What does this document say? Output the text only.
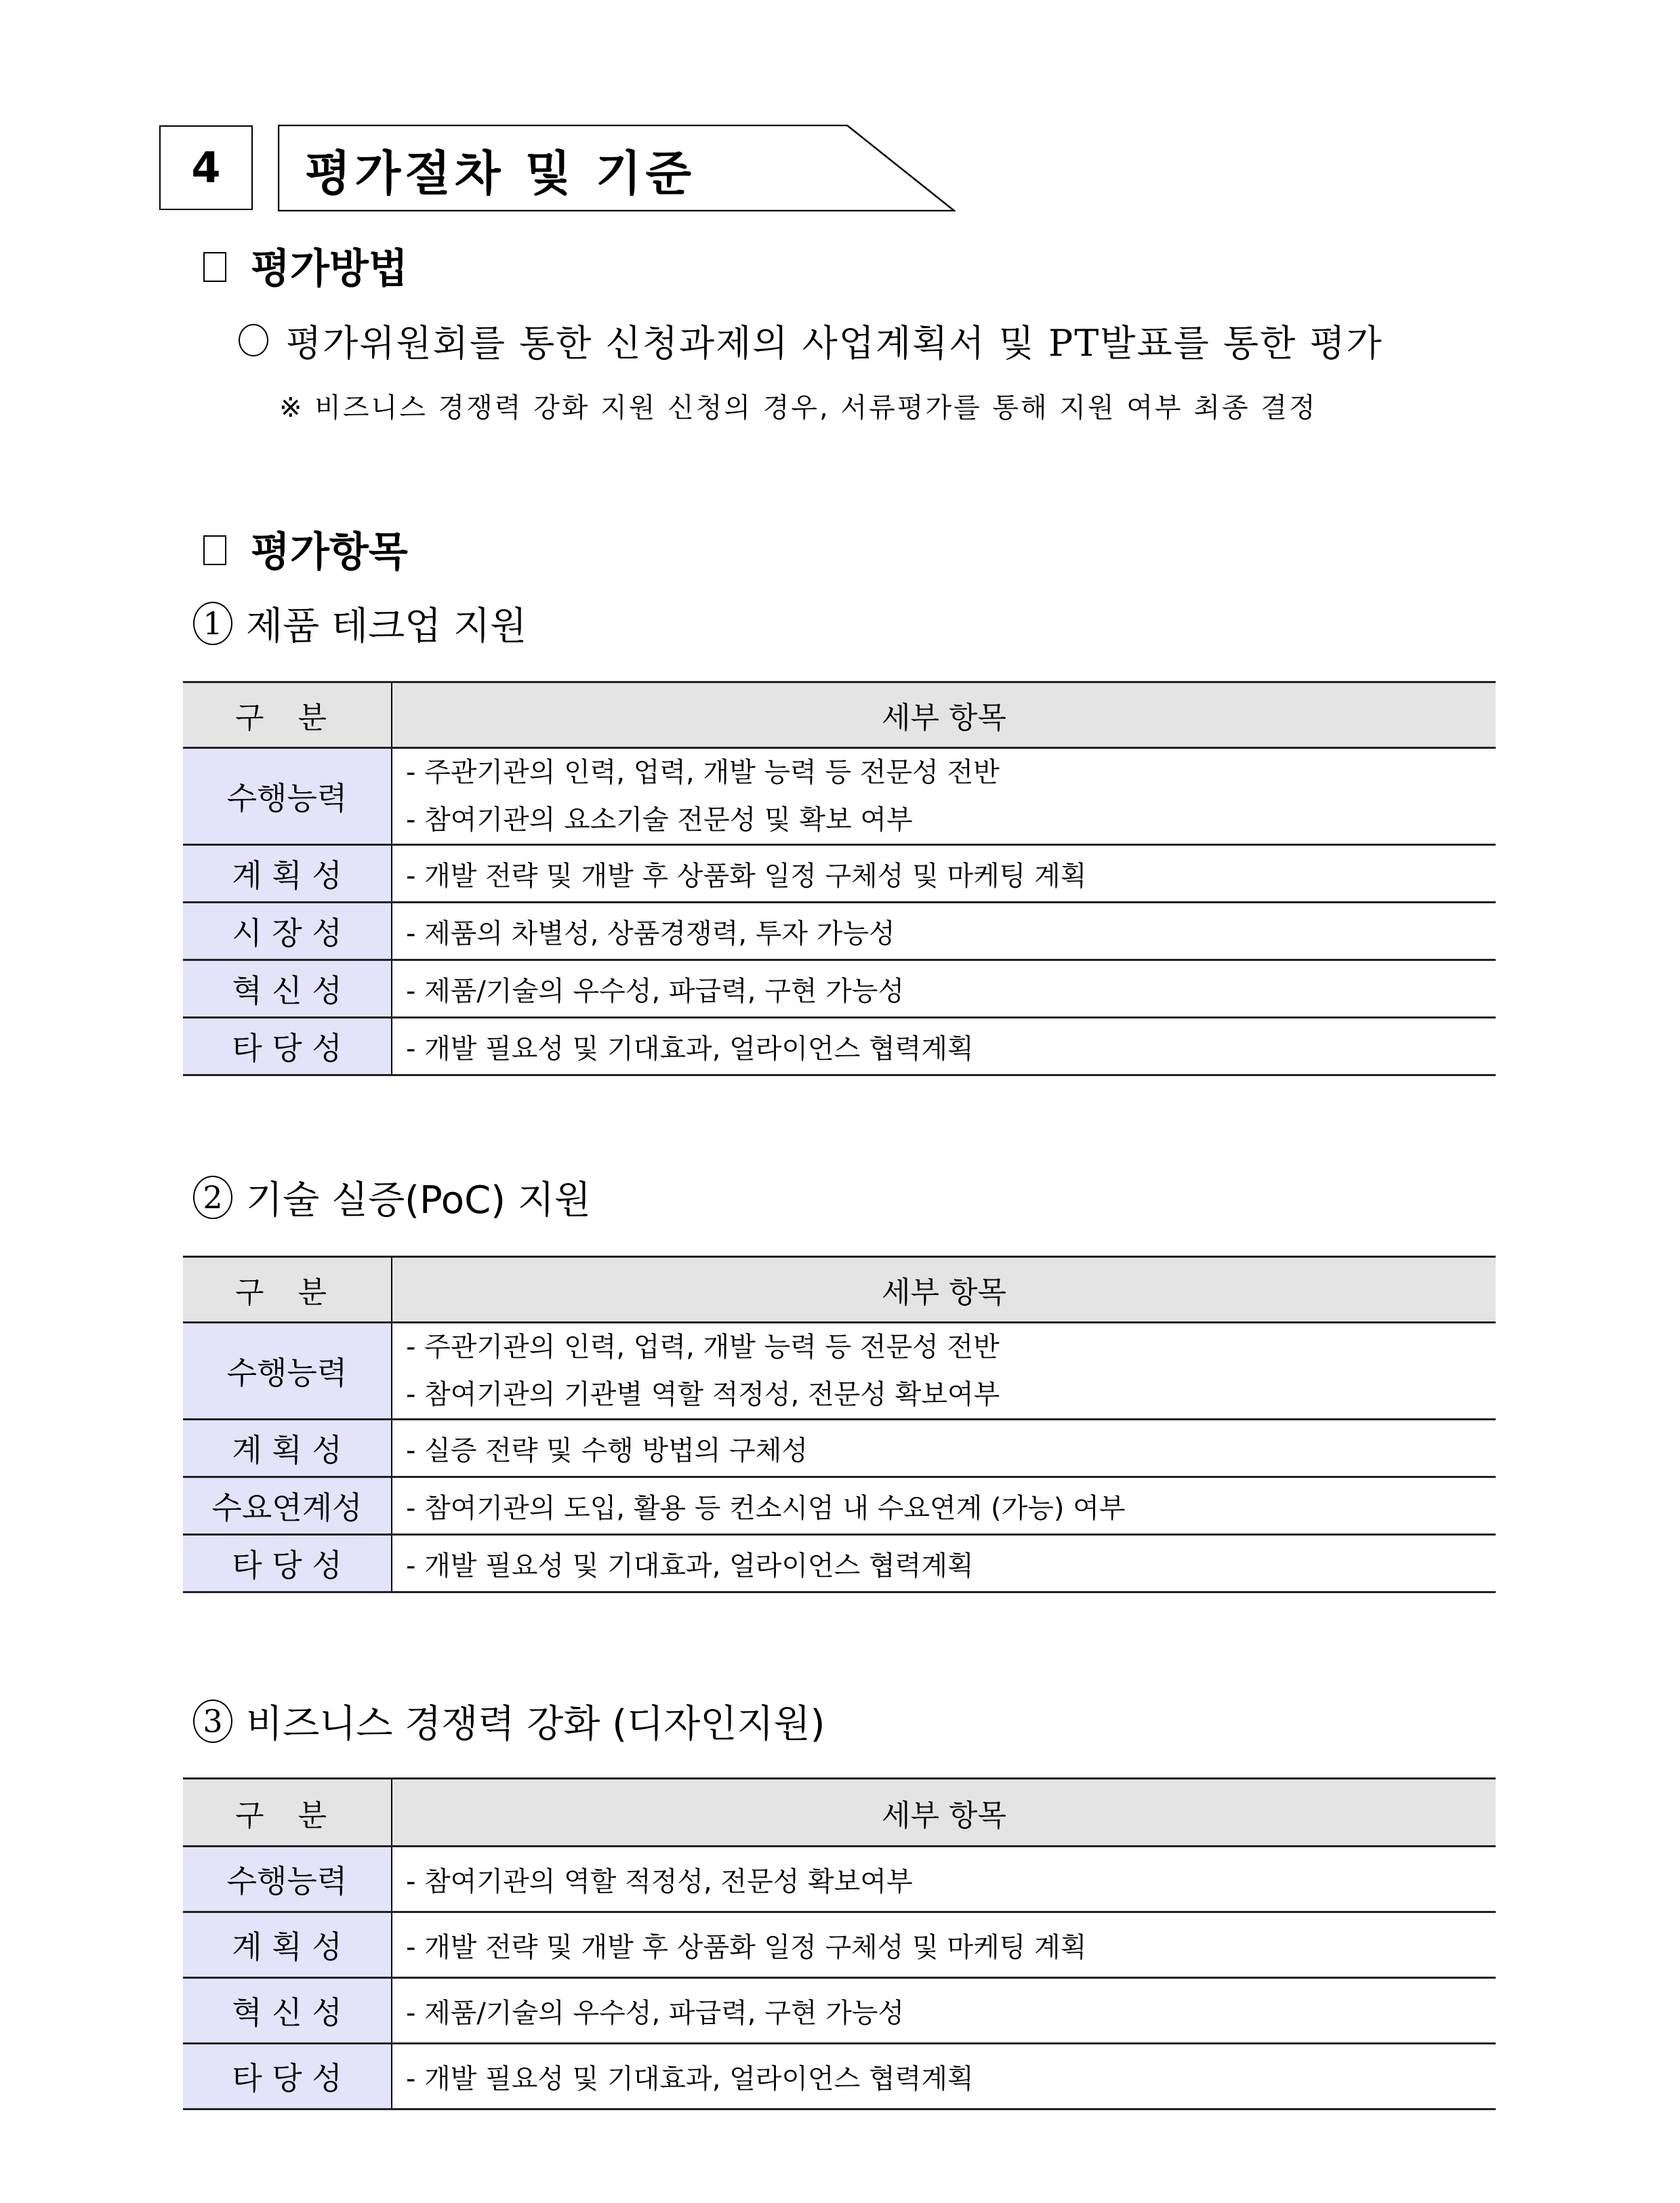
4 평가절차 및 기준
평가방법
평가위원회를 통한 신청과제의 사업계획서 및 PT발표를 통한 평가
※ 비즈니스 경쟁력 강화 지원 신청의 경우, 서류평가를 통해 지원 여부 최종 결정
평가항목
1 제품 테크업 지원
구 분	세부 항목
수행능력	- 주관기관의 인력, 업력, 개발 능력 등 전문성 전반
- 참여기관의 요소기술 전문성 및 확보 여부

계 획 성	- 개발 전략 및 개발 후 상품화 일정 구체성 및 마케팅 계획
시 장 성	- 제품의 차별성, 상품경쟁력, 투자 가능성
혁 신 성	- 제품/기술의 우수성, 파급력, 구현 가능성
타 당 성	- 개발 필요성 및 기대효과, 얼라이언스 협력계획
2 기술 실증(PoC) 지원
구 분	세부 항목
수행능력	- 주관기관의 인력, 업력, 개발 능력 등 전문성 전반
- 참여기관의 기관별 역할 적정성, 전문성 확보여부

계 획 성	- 실증 전략 및 수행 방법의 구체성
수요연계성	- 참여기관의 도입, 활용 등 컨소시엄 내 수요연계 (가능) 여부
타 당 성	- 개발 필요성 및 기대효과, 얼라이언스 협력계획
3 비즈니스 경쟁력 강화 (디자인지원)
구 분	세부 항목
수행능력	- 참여기관의 역할 적정성, 전문성 확보여부
계 획 성	- 개발 전략 및 개발 후 상품화 일정 구체성 및 마케팅 계획
혁 신 성	- 제품/기술의 우수성, 파급력, 구현 가능성
타 당 성	- 개발 필요성 및 기대효과, 얼라이언스 협력계획
